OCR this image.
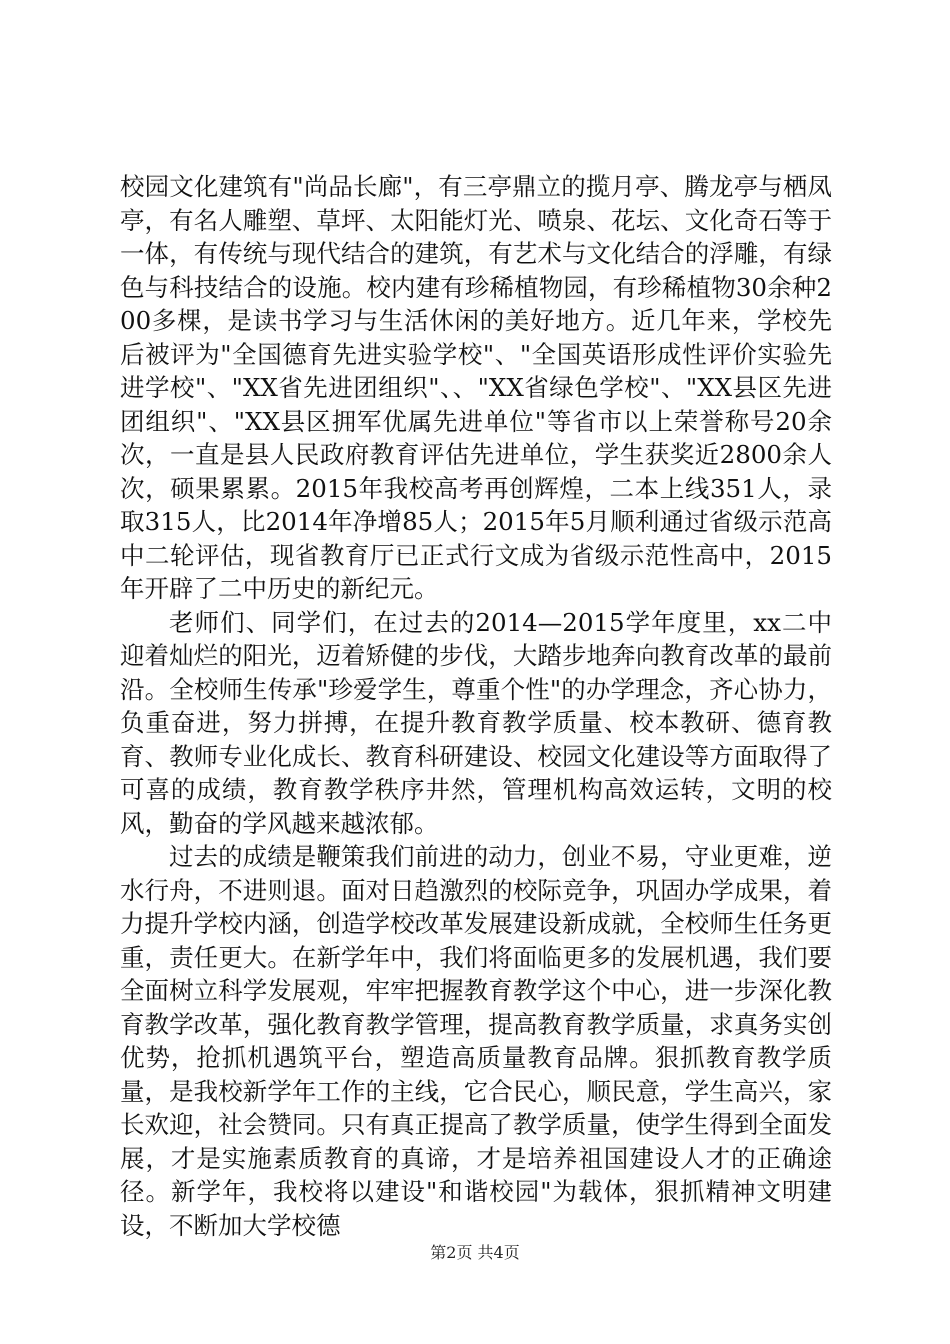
校园文化建筑有"尚品长廊"，有三亭鼎立的揽月亭、腾龙亭与栖凤亭，有名人雕塑、草坪、太阳能灯光、喷泉、花坛、文化奇石等于一体，有传统与现代结合的建筑，有艺术与文化结合的浮雕，有绿色与科技结合的设施。校内建有珍稀植物园，有珍稀植物30余种200多棵，是读书学习与生活休闲的美好地方。近几年来，学校先后被评为"全国德育先进实验学校"、"全国英语形成性评价实验先进学校"、"XX省先进团组织"、、"XX省绿色学校"、"XX县区先进团组织"、"XX县区拥军优属先进单位"等省市以上荣誉称号20余次，一直是县人民政府教育评估先进单位，学生获奖近2800余人次，硕果累累。2015年我校高考再创辉煌，二本上线351人，录取315人，比2014年净增85人；2015年5月顺利通过省级示范高中二轮评估，现省教育厅已正式行文成为省级示范性高中，2015年开辟了二中历史的新纪元。

老师们、同学们，在过去的2014—2015学年度里，xx二中迎着灿烂的阳光，迈着矫健的步伐，大踏步地奔向教育改革的最前沿。全校师生传承"珍爱学生，尊重个性"的办学理念，齐心协力，负重奋进，努力拼搏，在提升教育教学质量、校本教研、德育教育、教师专业化成长、教育科研建设、校园文化建设等方面取得了可喜的成绩，教育教学秩序井然，管理机构高效运转，文明的校风，勤奋的学风越来越浓郁。

过去的成绩是鞭策我们前进的动力，创业不易，守业更难，逆水行舟，不进则退。面对日趋激烈的校际竞争，巩固办学成果，着力提升学校内涵，创造学校改革发展建设新成就，全校师生任务更重，责任更大。在新学年中，我们将面临更多的发展机遇，我们要全面树立科学发展观，牢牢把握教育教学这个中心，进一步深化教育教学改革，强化教育教学管理，提高教育教学质量，求真务实创优势，抢抓机遇筑平台，塑造高质量教育品牌。狠抓教育教学质量，是我校新学年工作的主线，它合民心，顺民意，学生高兴，家长欢迎，社会赞同。只有真正提高了教学质量，使学生得到全面发展，才是实施素质教育的真谛，才是培养祖国建设人才的正确途径。新学年，我校将以建设"和谐校园"为载体，狠抓精神文明建设，不断加大学校德

第2页 共4页
